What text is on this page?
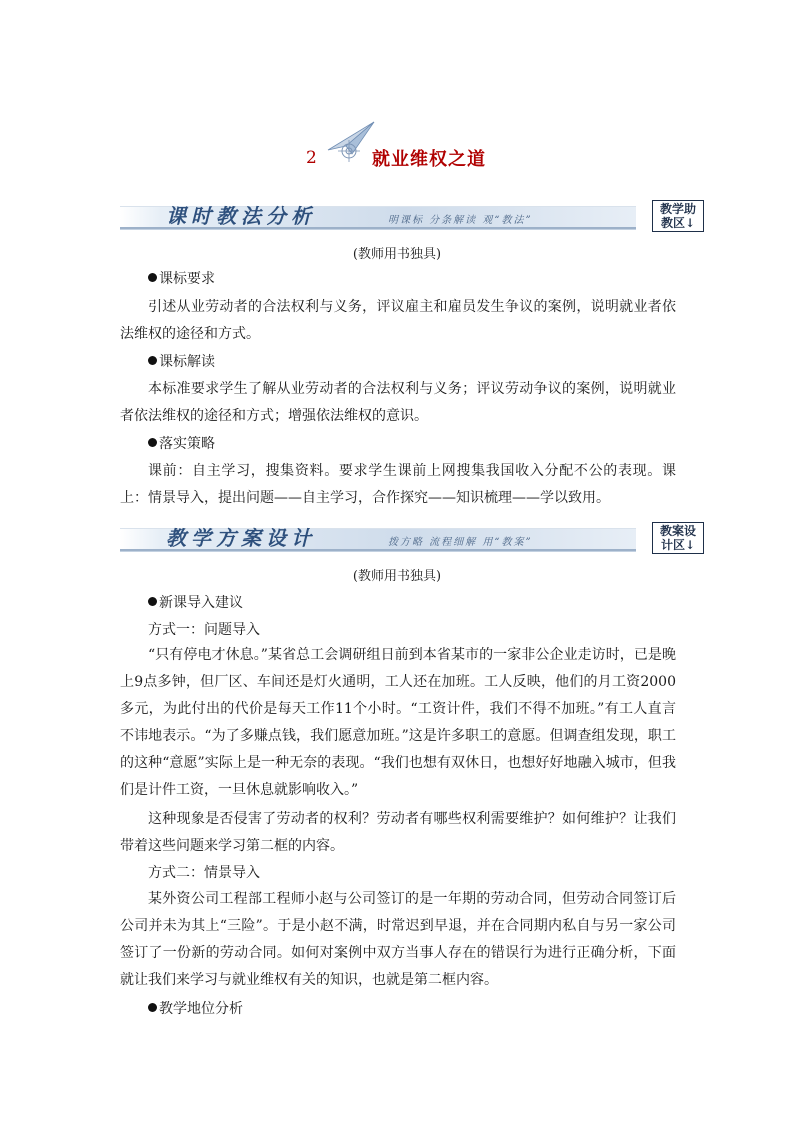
2	就业维权之道
课时教法分析	明课标 分条解读 观“教法”
教学助
教区↓
(教师用书独具)
课标要求
引述从业劳动者的合法权利与义务，评议雇主和雇员发生争议的案例，说明就业者依法维权的途径和方式。
课标解读
本标准要求学生了解从业劳动者的合法权利与义务；评议劳动争议的案例，说明就业者依法维权的途径和方式；增强依法维权的意识。
落实策略
课前：自主学习，搜集资料。要求学生课前上网搜集我国收入分配不公的表现。课上：情景导入，提出问题——自主学习，合作探究——知识梳理——学以致用。
教学方案设计	拨方略 流程细解 用“教案”
教案设
计区↓
(教师用书独具)
新课导入建议
方式一：问题导入
“只有停电才休息。”某省总工会调研组日前到本省某市的一家非公企业走访时，已是晚上9点多钟，但厂区、车间还是灯火通明，工人还在加班。工人反映，他们的月工资2000多元，为此付出的代价是每天工作11个小时。“工资计件，我们不得不加班。”有工人直言不讳地表示。“为了多赚点钱，我们愿意加班。”这是许多职工的意愿。但调查组发现，职工的这种“意愿”实际上是一种无奈的表现。“我们也想有双休日，也想好好地融入城市，但我们是计件工资，一旦休息就影响收入。”
这种现象是否侵害了劳动者的权利？劳动者有哪些权利需要维护？如何维护？让我们带着这些问题来学习第二框的内容。
方式二：情景导入
某外资公司工程部工程师小赵与公司签订的是一年期的劳动合同，但劳动合同签订后公司并未为其上“三险”。于是小赵不满，时常迟到早退，并在合同期内私自与另一家公司签订了一份新的劳动合同。如何对案例中双方当事人存在的错误行为进行正确分析，下面就让我们来学习与就业维权有关的知识，也就是第二框内容。
教学地位分析
